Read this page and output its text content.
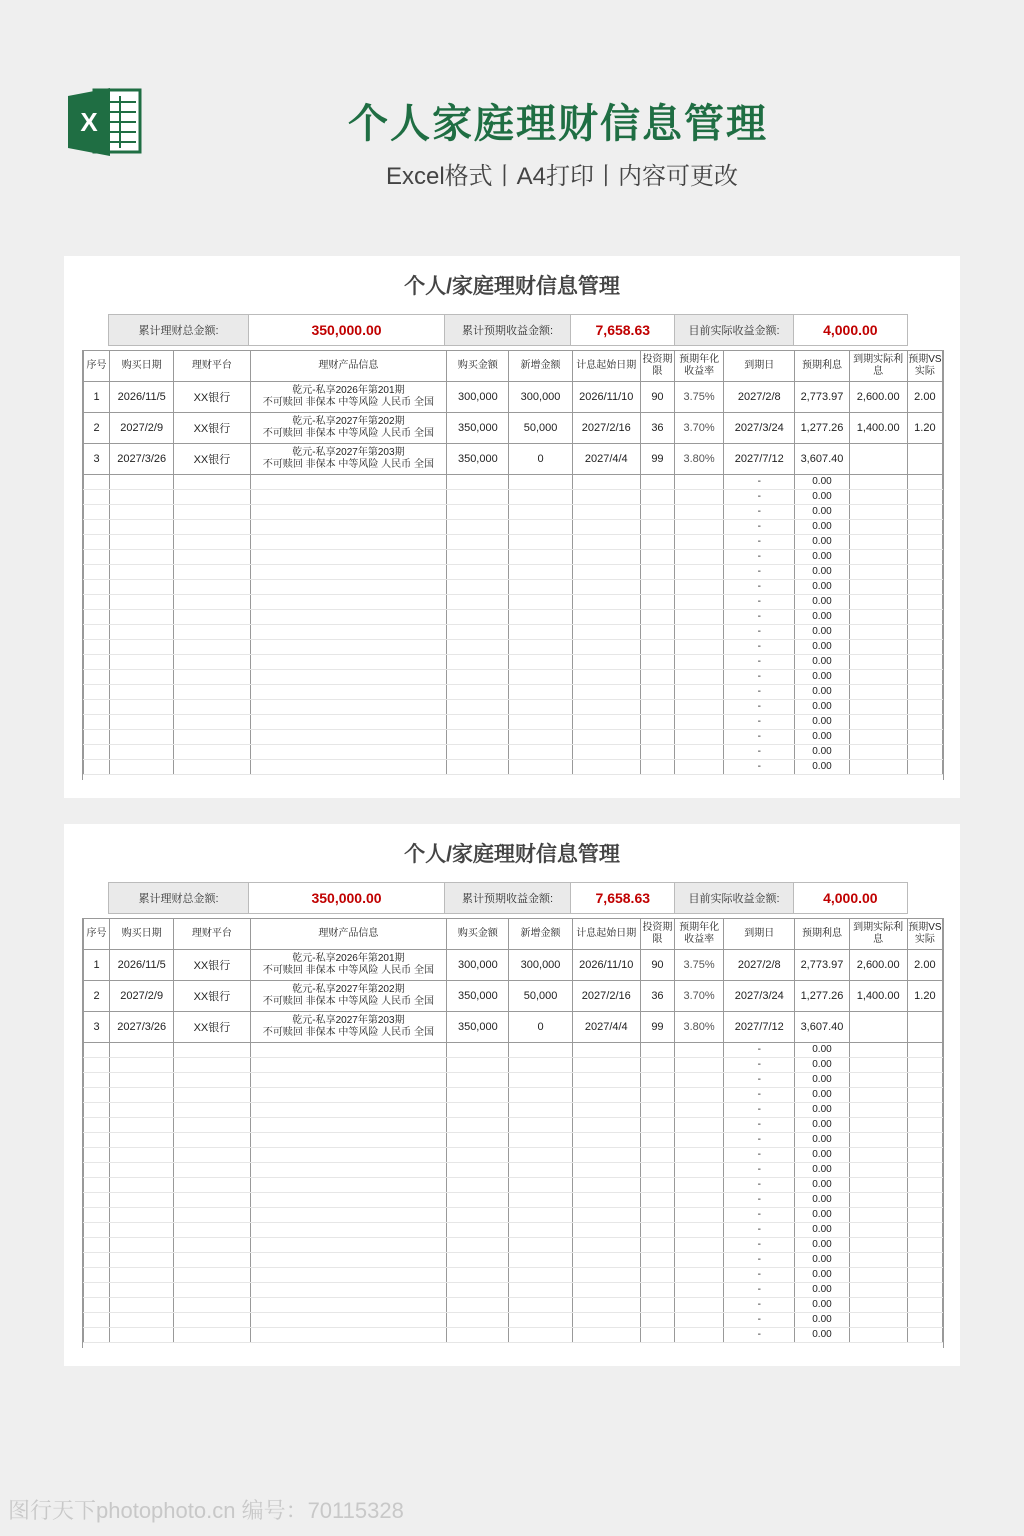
X	个人家庭理财信息管理
Excel格式丨A4打印丨内容可更改
个人/家庭理财信息管理
累计理财总金额:	350,000.00	累计预期收益金额:	7,658.63	目前实际收益金额:	4,000.00
序号	购买日期	理财平台	理财产品信息	购买金额	新增金额	计息起始日期	投资期限	预期年化收益率	到期日	预期利息	到期实际利息	预期VS实际
1	2026/11/5	XX银行	乾元-私享2026年第201期
不可赎回 非保本 中等风险 人民币 全国	300,000	300,000	2026/11/10	90	3.75%	2027/2/8	2,773.97	2,600.00	2.00
2	2027/2/9	XX银行	乾元-私享2027年第202期
不可赎回 非保本 中等风险 人民币 全国	350,000	50,000	2027/2/16	36	3.70%	2027/3/24	1,277.26	1,400.00	1.20
3	2027/3/26	XX银行	乾元-私享2027年第203期
不可赎回 非保本 中等风险 人民币 全国	350,000	0	2027/4/4	99	3.80%	2027/7/12	3,607.40		
									-	0.00		
									-	0.00		
									-	0.00		
									-	0.00		
									-	0.00		
									-	0.00		
									-	0.00		
									-	0.00		
									-	0.00		
									-	0.00		
									-	0.00		
									-	0.00		
									-	0.00		
									-	0.00		
									-	0.00		
									-	0.00		
									-	0.00		
									-	0.00		
									-	0.00		
									-	0.00		
个人/家庭理财信息管理
累计理财总金额:	350,000.00	累计预期收益金额:	7,658.63	目前实际收益金额:	4,000.00
序号	购买日期	理财平台	理财产品信息	购买金额	新增金额	计息起始日期	投资期限	预期年化收益率	到期日	预期利息	到期实际利息	预期VS实际
1	2026/11/5	XX银行	乾元-私享2026年第201期
不可赎回 非保本 中等风险 人民币 全国	300,000	300,000	2026/11/10	90	3.75%	2027/2/8	2,773.97	2,600.00	2.00
2	2027/2/9	XX银行	乾元-私享2027年第202期
不可赎回 非保本 中等风险 人民币 全国	350,000	50,000	2027/2/16	36	3.70%	2027/3/24	1,277.26	1,400.00	1.20
3	2027/3/26	XX银行	乾元-私享2027年第203期
不可赎回 非保本 中等风险 人民币 全国	350,000	0	2027/4/4	99	3.80%	2027/7/12	3,607.40		
									-	0.00		
									-	0.00		
									-	0.00		
									-	0.00		
									-	0.00		
									-	0.00		
									-	0.00		
									-	0.00		
									-	0.00		
									-	0.00		
									-	0.00		
									-	0.00		
									-	0.00		
									-	0.00		
									-	0.00		
									-	0.00		
									-	0.00		
									-	0.00		
									-	0.00		
									-	0.00		
图行天下photophoto.cn 编号：70115328
